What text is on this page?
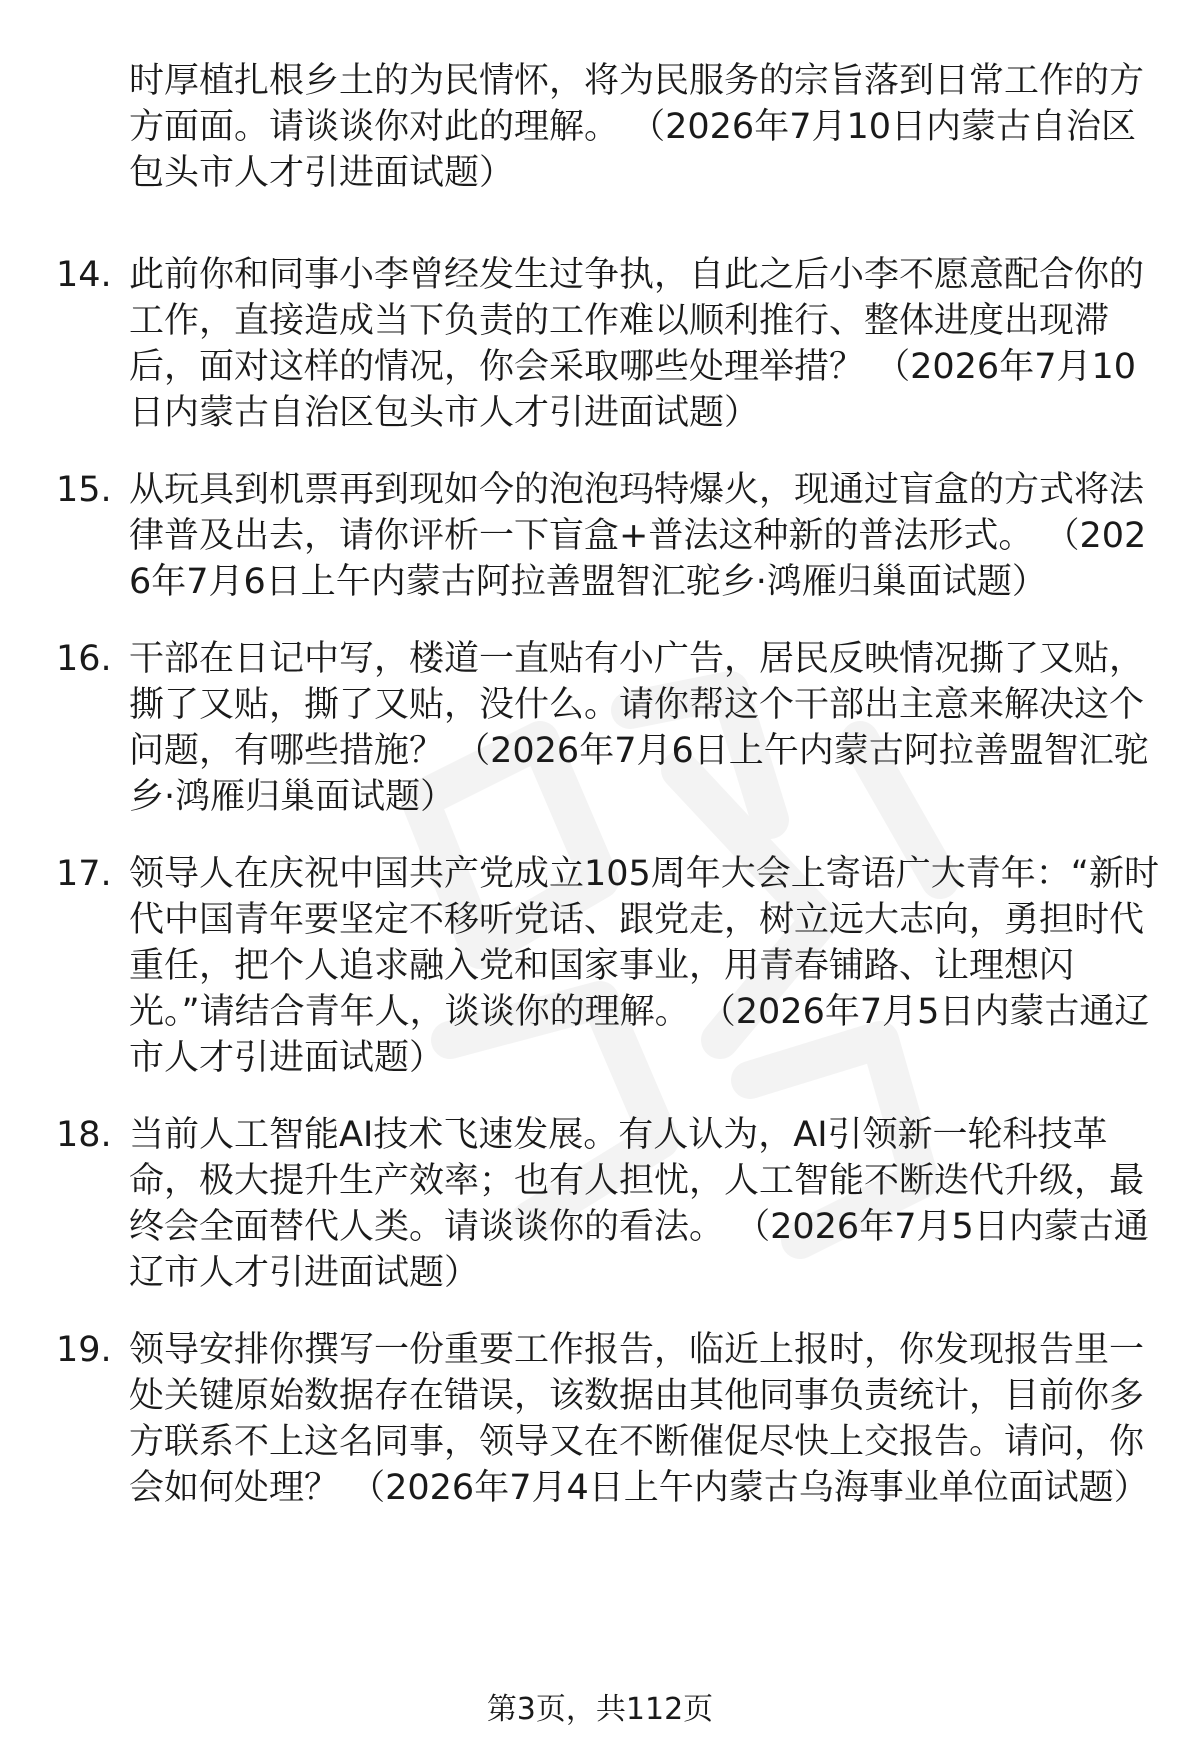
时厚植扎根乡土的为民情怀，将为民服务的宗旨落到日常工作的方方面面。请谈谈你对此的理解。 （2026年7月10日内蒙古自治区包头市人才引进面试题）

14. 此前你和同事小李曾经发生过争执，自此之后小李不愿意配合你的工作，直接造成当下负责的工作难以顺利推行、整体进度出现滞后，面对这样的情况，你会采取哪些处理举措？ （2026年7月10日内蒙古自治区包头市人才引进面试题）
15. 从玩具到机票再到现如今的泡泡玛特爆火，现通过盲盒的方式将法律普及出去，请你评析一下盲盒+普法这种新的普法形式。 （2026年7月6日上午内蒙古阿拉善盟智汇驼乡·鸿雁归巢面试题）
16. 干部在日记中写，楼道一直贴有小广告，居民反映情况撕了又贴，撕了又贴，撕了又贴，没什么。请你帮这个干部出主意来解决这个问题，有哪些措施？ （2026年7月6日上午内蒙古阿拉善盟智汇驼乡·鸿雁归巢面试题）
17. 领导人在庆祝中国共产党成立105周年大会上寄语广大青年：“新时代中国青年要坚定不移听党话、跟党走，树立远大志向，勇担时代重任，把个人追求融入党和国家事业，用青春铺路、让理想闪光。”请结合青年人，谈谈你的理解。 （2026年7月5日内蒙古通辽市人才引进面试题）
18. 当前人工智能AI技术飞速发展。有人认为，AI引领新一轮科技革命，极大提升生产效率；也有人担忧，人工智能不断迭代升级，最终会全面替代人类。请谈谈你的看法。 （2026年7月5日内蒙古通辽市人才引进面试题）
19. 领导安排你撰写一份重要工作报告，临近上报时，你发现报告里一处关键原始数据存在错误，该数据由其他同事负责统计，目前你多方联系不上这名同事，领导又在不断催促尽快上交报告。请问，你会如何处理？ （2026年7月4日上午内蒙古乌海事业单位面试题）
第3页，共112页
